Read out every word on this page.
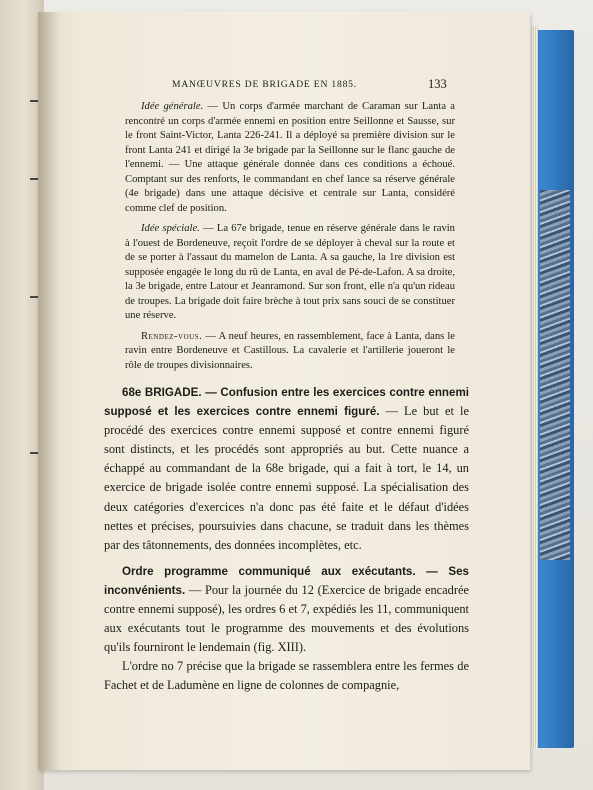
MANŒUVRES DE BRIGADE EN 1885.	133

Idée générale. — Un corps d'armée marchant de Caraman sur Lanta a rencontré un corps d'armée ennemi en position entre Seillonne et Sausse, sur le front Saint-Victor, Lanta 226-241. Il a déployé sa première division sur le front Lanta 241 et dirigé la 3e brigade par la Seillonne sur le flanc gauche de l'ennemi. — Une attaque générale donnée dans ces conditions a échoué. Comptant sur des renforts, le commandant en chef lance sa réserve générale (4e brigade) dans une attaque décisive et centrale sur Lanta, considéré comme clef de position.

Idée spéciale. — La 67e brigade, tenue en réserve générale dans le ravin à l'ouest de Bordeneuve, reçoit l'ordre de se déployer à cheval sur la route et de se porter à l'assaut du mamelon de Lanta. A sa gauche, la 1re division est supposée engagée le long du rû de Lanta, en aval de Pé-de-Lafon. A sa droite, la 3e brigade, entre Latour et Jeanramond. Sur son front, elle n'a qu'un rideau de troupes. La brigade doit faire brèche à tout prix sans souci de se constituer une réserve.

Rendez-vous. — A neuf heures, en rassemblement, face à Lanta, dans le ravin entre Bordeneuve et Castillous. La cavalerie et l'artillerie joueront le rôle de troupes divisionnaires.

68e BRIGADE. — Confusion entre les exercices contre ennemi supposé et les exercices contre ennemi figuré. — Le but et le procédé des exercices contre ennemi supposé et contre ennemi figuré sont distincts, et les procédés sont appropriés au but. Cette nuance a échappé au commandant de la 68e brigade, qui a fait à tort, le 14, un exercice de brigade isolée contre ennemi supposé. La spécialisation des deux catégories d'exercices n'a donc pas été faite et le défaut d'idées nettes et précises, poursuivies dans chacune, se traduit dans les thèmes par des tâtonnements, des données incomplètes, etc.

Ordre programme communiqué aux exécutants. — Ses inconvénients. — Pour la journée du 12 (Exercice de brigade encadrée contre ennemi supposé), les ordres 6 et 7, expédiés les 11, communiquent aux exécutants tout le programme des mouvements et des évolutions qu'ils fourniront le lendemain (fig. XIII).

L'ordre no 7 précise que la brigade se rassemblera entre les fermes de Fachet et de Ladumène en ligne de colonnes de compagnie,
